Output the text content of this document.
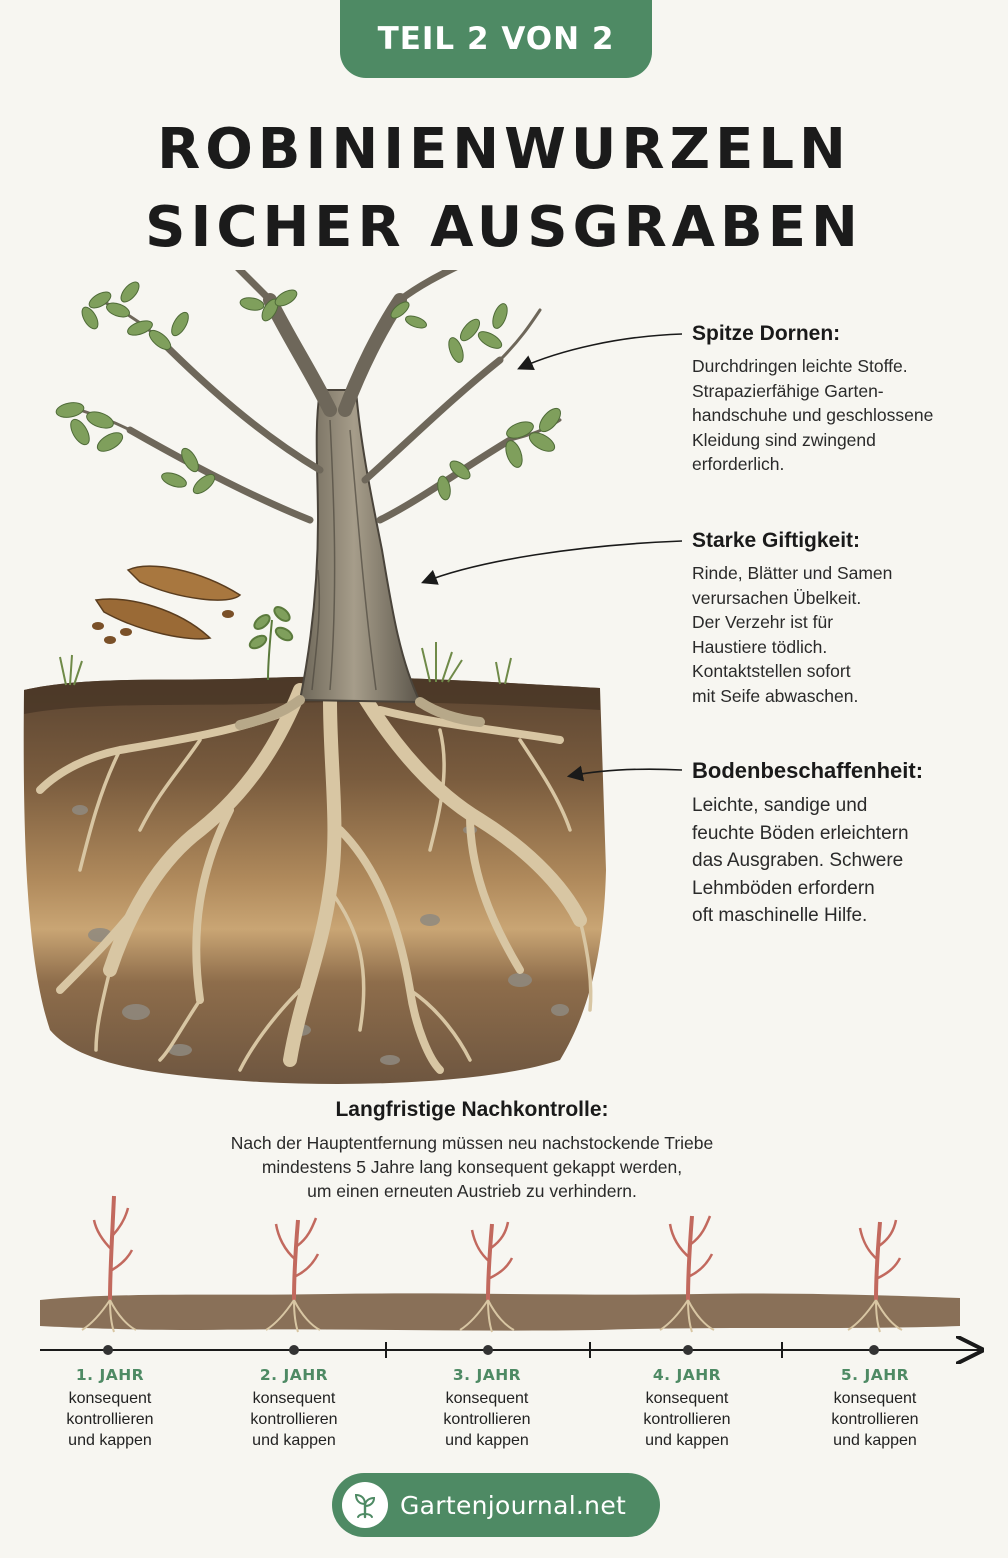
TEIL 2 VON 2
ROBINIENWURZELN
SICHER AUSGRABEN
Spitze Dornen:

Durchdringen leichte Stoffe.
Strapazierfähige Garten-
handschuhe und geschlossene
Kleidung sind zwingend
erforderlich.

Starke Giftigkeit:

Rinde, Blätter und Samen
verursachen Übelkeit.
Der Verzehr ist für
Haustiere tödlich.
Kontaktstellen sofort
mit Seife abwaschen.

Bodenbeschaffenheit:

Leichte, sandige und
feuchte Böden erleichtern
das Ausgraben. Schwere
Lehmböden erfordern
oft maschinelle Hilfe.

Langfristige Nachkontrolle:
Nach der Hauptentfernung müssen neu nachstockende Triebe
mindestens 5 Jahre lang konsequent gekappt werden,
um einen erneuten Austrieb zu verhindern.
1. JAHR
konsequent
kontrollieren
und kappen
2. JAHR
konsequent
kontrollieren
und kappen
3. JAHR
konsequent
kontrollieren
und kappen
4. JAHR
konsequent
kontrollieren
und kappen
5. JAHR
konsequent
kontrollieren
und kappen
Gartenjournal.net
